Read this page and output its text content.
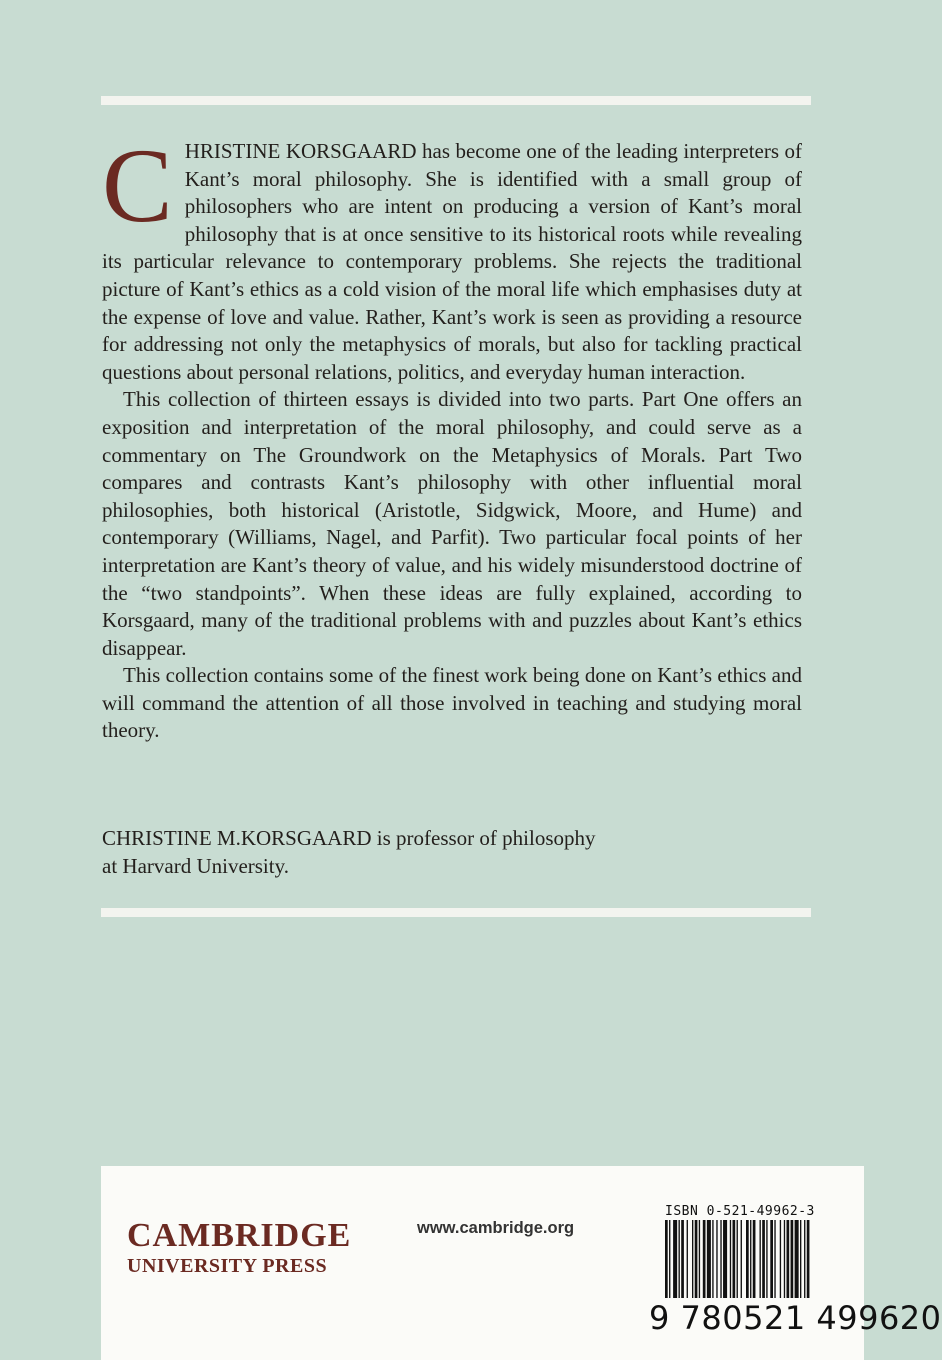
CHRISTINE KORSGAARD has become one of the leading interpreters of Kant’s moral philosophy. She is identified with a small group of philosophers who are intent on producing a version of Kant’s moral philosophy that is at once sensitive to its historical roots while revealing its particular relevance to contemporary problems. She rejects the traditional picture of Kant’s ethics as a cold vision of the moral life which emphasises duty at the expense of love and value. Rather, Kant’s work is seen as providing a resource for addressing not only the metaphysics of morals, but also for tackling practical questions about personal relations, politics, and everyday human interaction.

This collection of thirteen essays is divided into two parts. Part One offers an exposition and interpretation of the moral philosophy, and could serve as a commentary on The Groundwork on the Metaphysics of Morals. Part Two compares and contrasts Kant’s philosophy with other influential moral philosophies, both historical (Aristotle, Sidgwick, Moore, and Hume) and contemporary (Williams, Nagel, and Parfit). Two particular focal points of her interpretation are Kant’s theory of value, and his widely misunderstood doctrine of the “two standpoints”. When these ideas are fully explained, according to Korsgaard, many of the traditional problems with and puzzles about Kant’s ethics disappear.

This collection contains some of the finest work being done on Kant’s ethics and will command the attention of all those involved in teaching and studying moral theory.

CHRISTINE M.KORSGAARD is professor of philosophy
at Harvard University.
CAMBRIDGE
UNIVERSITY PRESS
www.cambridge.org
ISBN 0-521-49962-3
9 780521 499620
